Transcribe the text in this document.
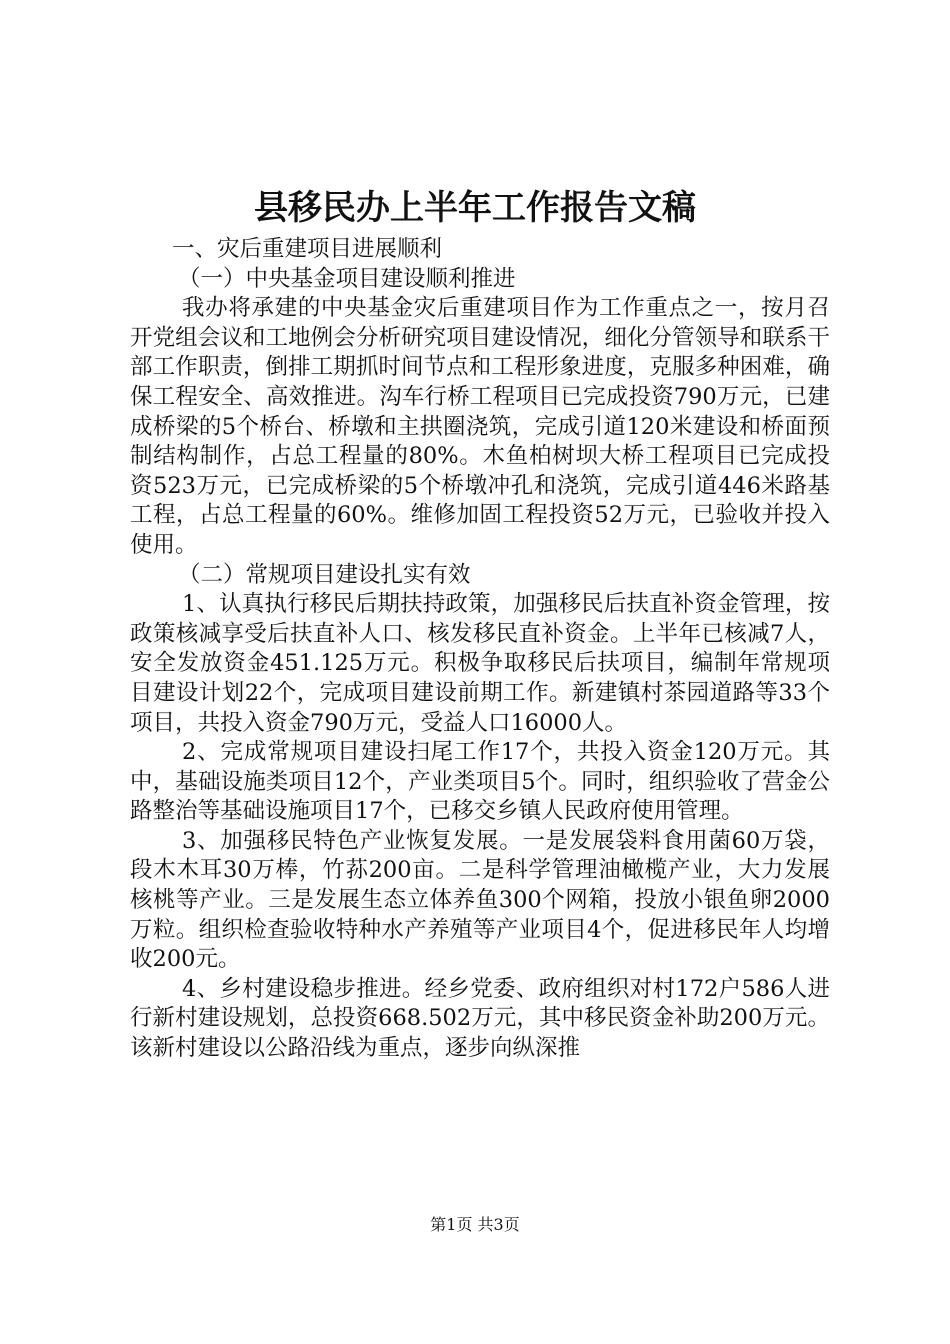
县移民办上半年工作报告文稿

一、灾后重建项目进展顺利

（一）中央基金项目建设顺利推进

我办将承建的中央基金灾后重建项目作为工作重点之一，按月召开党组会议和工地例会分析研究项目建设情况，细化分管领导和联系干部工作职责，倒排工期抓时间节点和工程形象进度，克服多种困难，确保工程安全、高效推进。沟车行桥工程项目已完成投资790万元，已建成桥梁的5个桥台、桥墩和主拱圈浇筑，完成引道120米建设和桥面预制结构制作，占总工程量的80%。木鱼柏树坝大桥工程项目已完成投资523万元，已完成桥梁的5个桥墩冲孔和浇筑，完成引道446米路基工程，占总工程量的60%。维修加固工程投资52万元，已验收并投入使用。

（二）常规项目建设扎实有效

1、认真执行移民后期扶持政策，加强移民后扶直补资金管理，按政策核减享受后扶直补人口、核发移民直补资金。上半年已核减7人，安全发放资金451.125万元。积极争取移民后扶项目，编制年常规项目建设计划22个，完成项目建设前期工作。新建镇村茶园道路等33个项目，共投入资金790万元，受益人口16000人。

2、完成常规项目建设扫尾工作17个，共投入资金120万元。其中，基础设施类项目12个，产业类项目5个。同时，组织验收了营金公路整治等基础设施项目17个，已移交乡镇人民政府使用管理。

3、加强移民特色产业恢复发展。一是发展袋料食用菌60万袋，段木木耳30万棒，竹荪200亩。二是科学管理油橄榄产业，大力发展核桃等产业。三是发展生态立体养鱼300个网箱，投放小银鱼卵2000万粒。组织检查验收特种水产养殖等产业项目4个，促进移民年人均增收200元。

4、乡村建设稳步推进。经乡党委、政府组织对村172户586人进行新村建设规划，总投资668.502万元，其中移民资金补助200万元。该新村建设以公路沿线为重点，逐步向纵深推

第1页 共3页
